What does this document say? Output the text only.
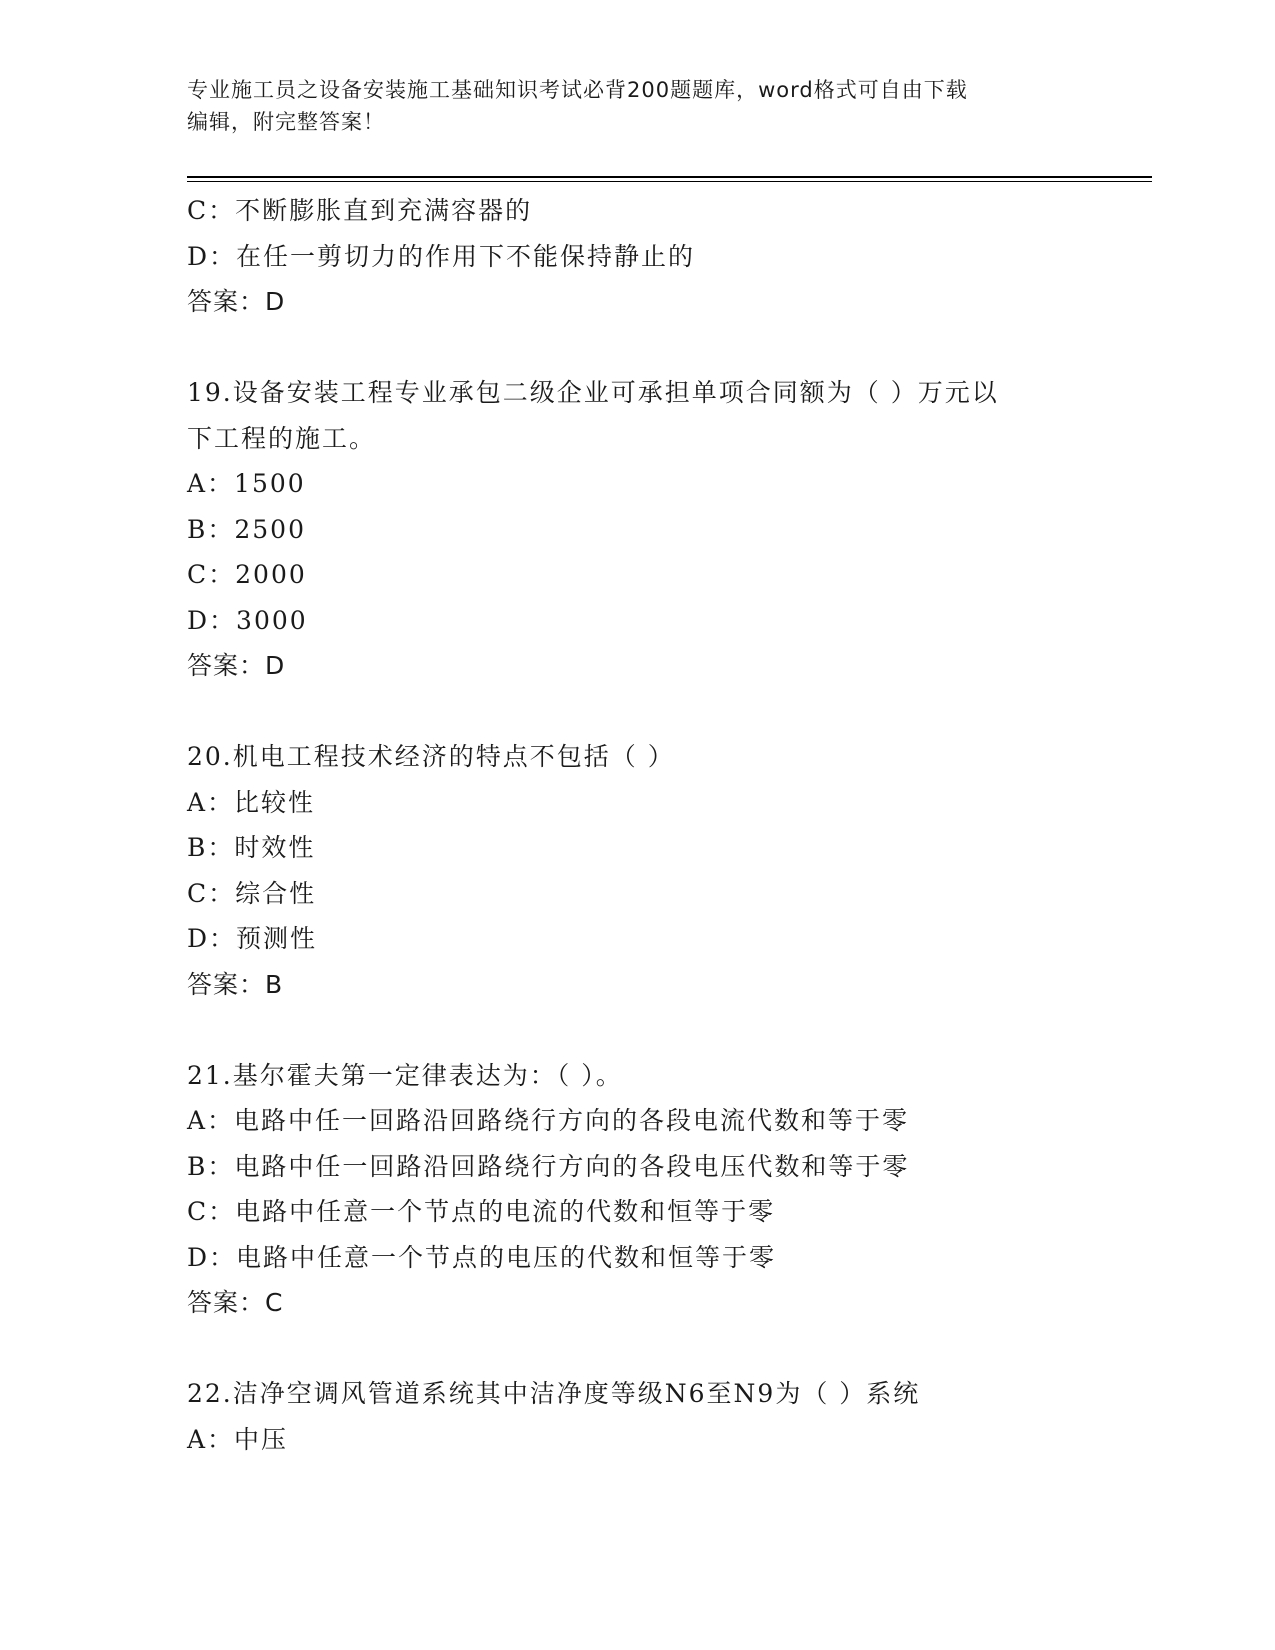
专业施工员之设备安装施工基础知识考试必背200题题库，word格式可自由下载
编辑，附完整答案！
C：不断膨胀直到充满容器的
D：在任一剪切力的作用下不能保持静止的
答案：D
19.设备安装工程专业承包二级企业可承担单项合同额为（ ）万元以
下工程的施工。
A：1500
B：2500
C：2000
D：3000
答案：D
20.机电工程技术经济的特点不包括（ ）
A：比较性
B：时效性
C：综合性
D：预测性
答案：B
21.基尔霍夫第一定律表达为：（ ）。
A：电路中任一回路沿回路绕行方向的各段电流代数和等于零
B：电路中任一回路沿回路绕行方向的各段电压代数和等于零
C：电路中任意一个节点的电流的代数和恒等于零
D：电路中任意一个节点的电压的代数和恒等于零
答案：C
22.洁净空调风管道系统其中洁净度等级N6至N9为（ ）系统
A：中压
